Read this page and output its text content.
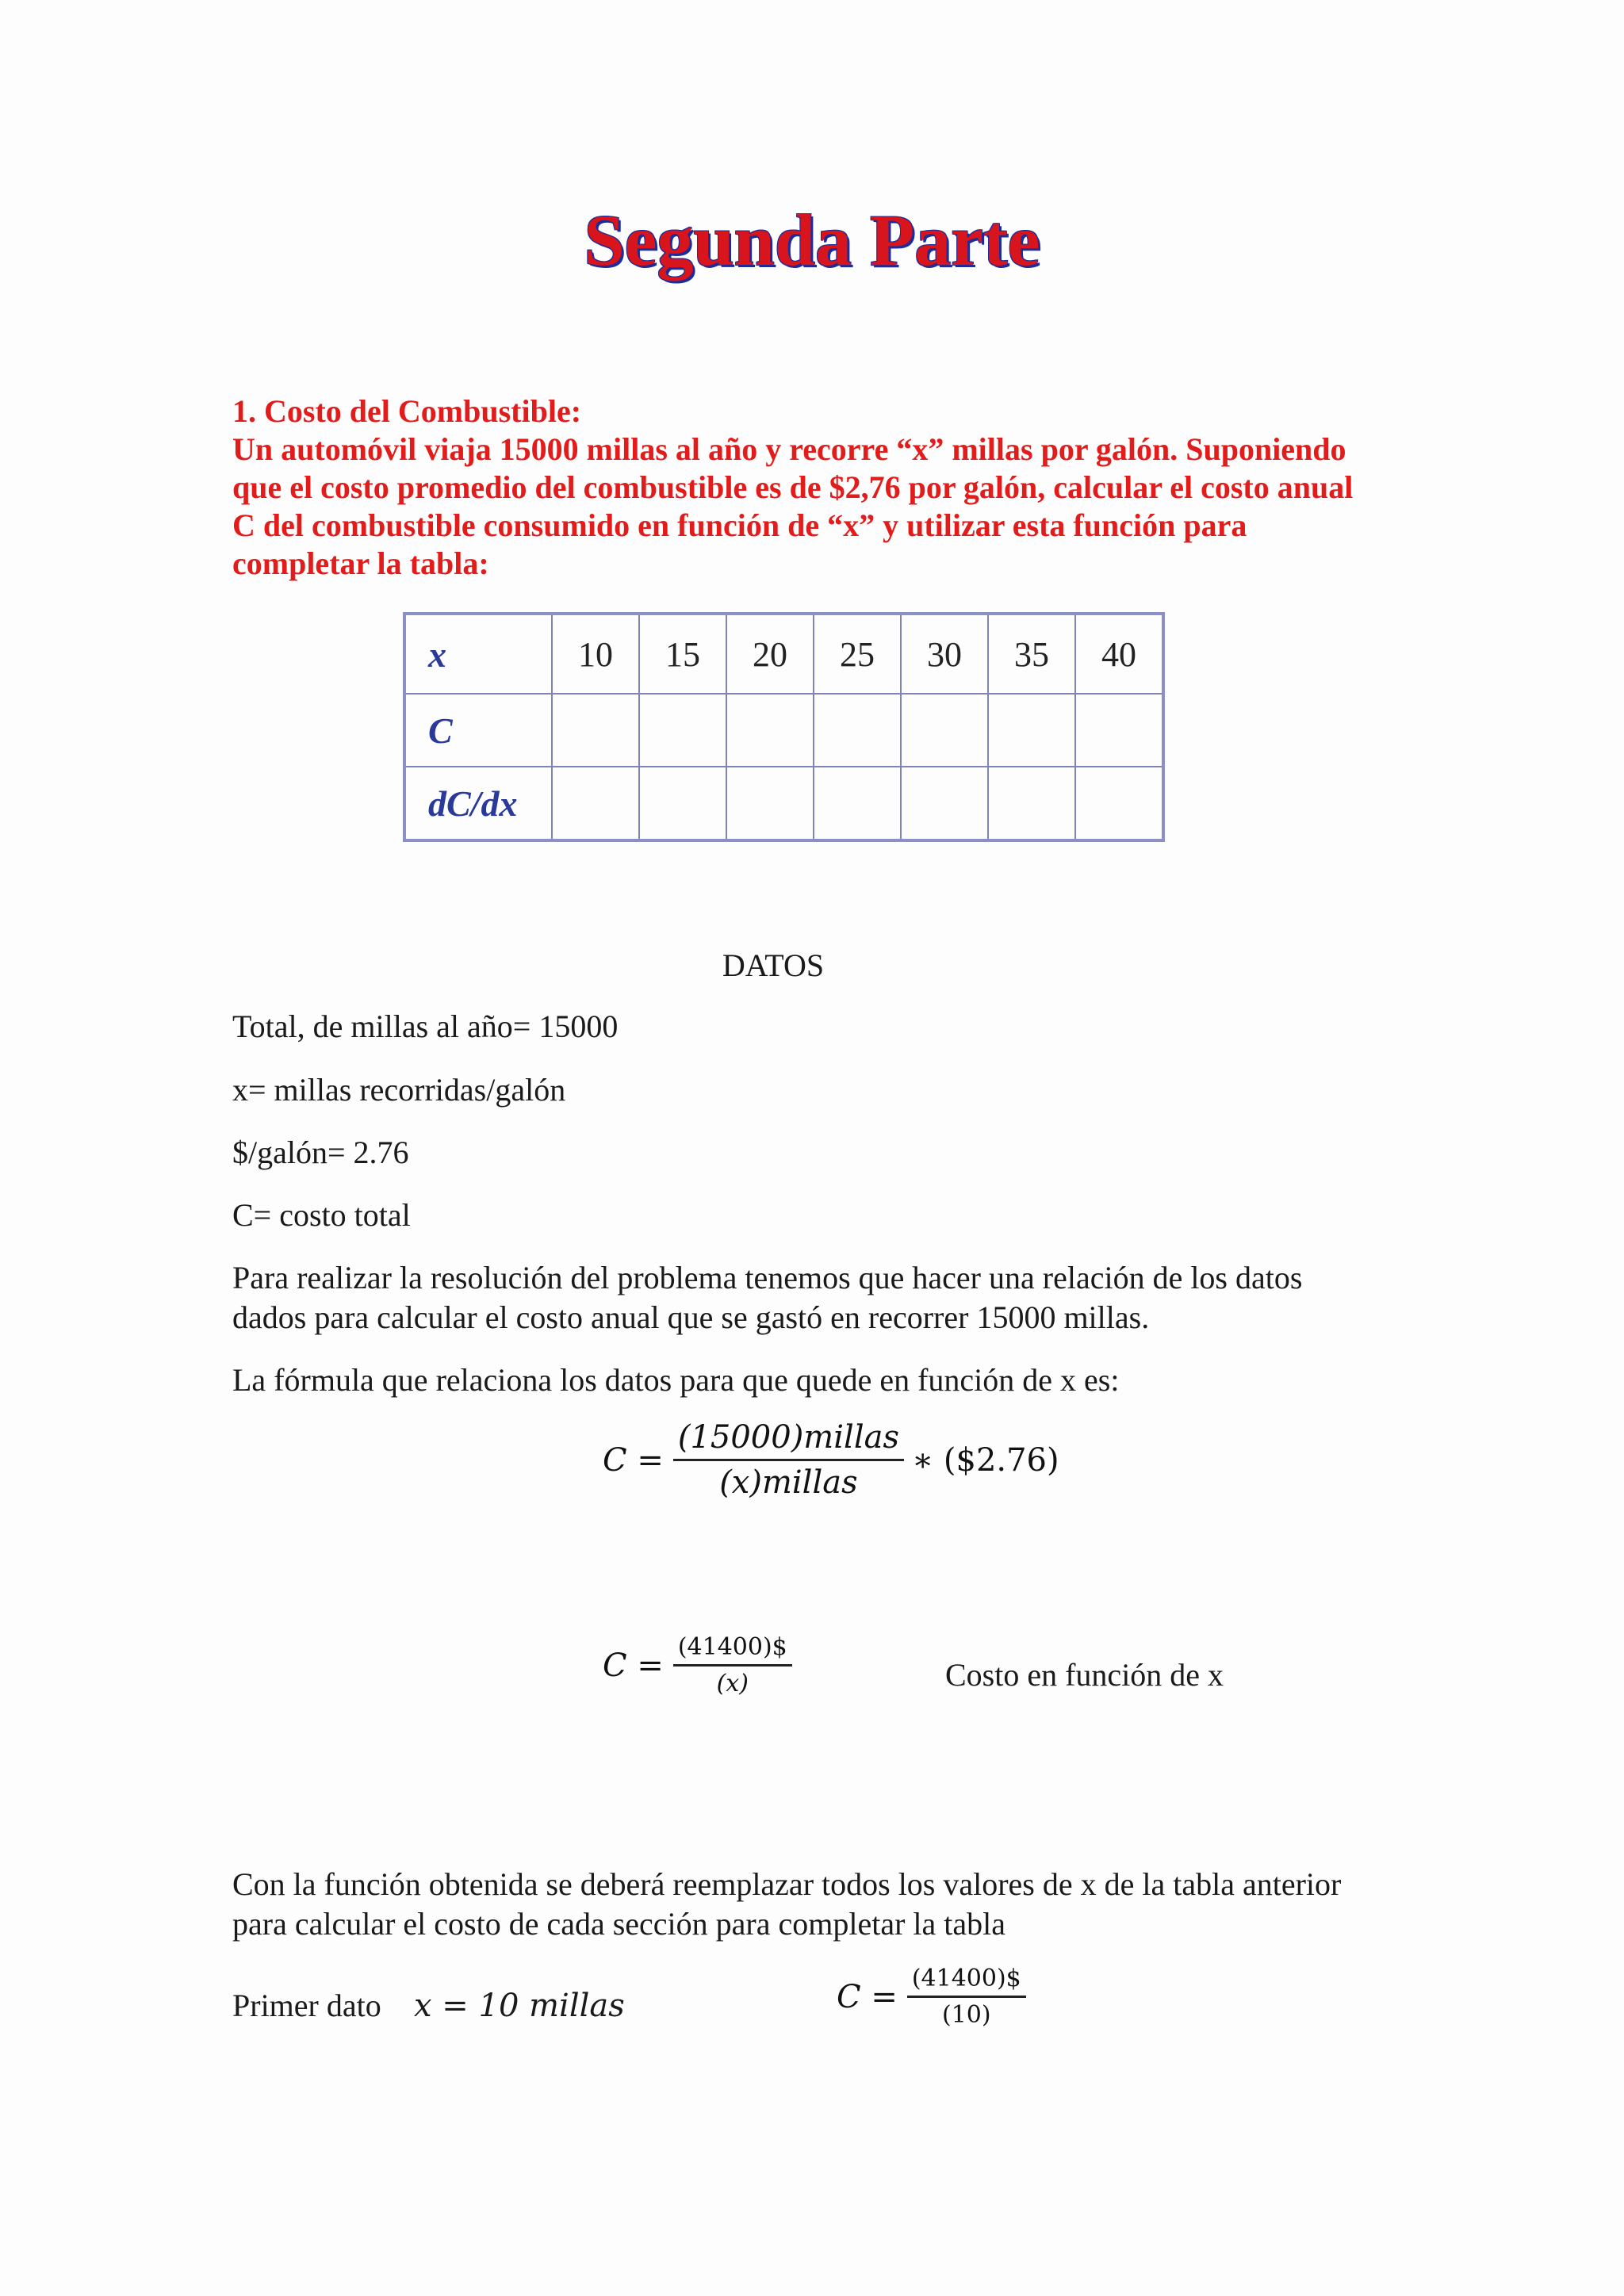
Segunda Parte
1. Costo del Combustible:
Un automóvil viaja 15000 millas al año y recorre “x” millas por galón. Suponiendo
que el costo promedio del combustible es de $2,76 por galón, calcular el costo anual
C del combustible consumido en función de “x” y utilizar esta función para
completar la tabla:
x	10	15	20	25	30	35	40
C							
dC/dx							
DATOS
Total, de millas al año= 15000
x= millas recorridas/galón
$/galón= 2.76
C= costo total
Para realizar la resolución del problema tenemos que hacer una relación de los datos
dados para calcular el costo anual que se gastó en recorrer 15000 millas.
La fórmula que relaciona los datos para que quede en función de x es:
$C = \frac{\text{(15000)millas}}{\text{(x)millas}}$ ∗ ($2.76)
$C = \frac{(41400)\$}{(x)}$	Costo en función de x
Con la función obtenida se deberá reemplazar todos los valores de x de la tabla anterior
para calcular el costo de cada sección para completar la tabla
Primer dato x = 10 millas	$C = \frac{(41400)\$}{(10)}$
